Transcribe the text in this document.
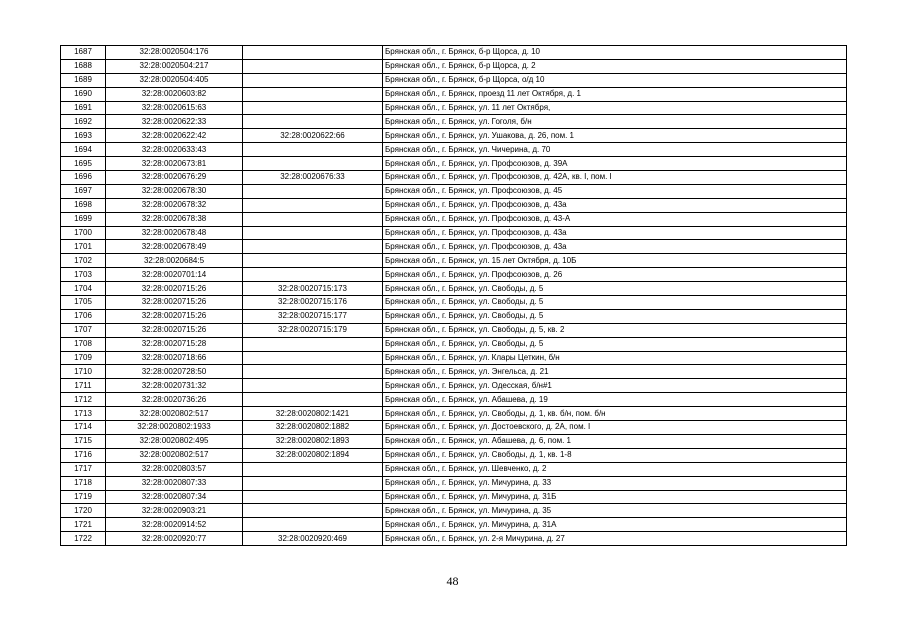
1687	32:28:0020504:176		Брянская обл., г. Брянск, б-р Щорса, д. 10
1688	32:28:0020504:217		Брянская обл., г. Брянск, б-р Щорса, д. 2
1689	32:28:0020504:405		Брянская обл., г. Брянск, б-р Щорса, о/д 10
1690	32:28:0020603:82		Брянская обл., г. Брянск, проезд 11 лет Октября, д. 1
1691	32:28:0020615:63		Брянская обл., г. Брянск, ул. 11 лет Октября,
1692	32:28:0020622:33		Брянская обл., г. Брянск, ул. Гоголя, б/н
1693	32:28:0020622:42	32:28:0020622:66	Брянская обл., г. Брянск, ул. Ушакова, д. 26, пом. 1
1694	32:28:0020633:43		Брянская обл., г. Брянск, ул. Чичерина, д. 70
1695	32:28:0020673:81		Брянская обл., г. Брянск, ул. Профсоюзов, д. 39А
1696	32:28:0020676:29	32:28:0020676:33	Брянская обл., г. Брянск, ул. Профсоюзов, д. 42А, кв. I, пом. I
1697	32:28:0020678:30		Брянская обл., г. Брянск, ул. Профсоюзов, д. 45
1698	32:28:0020678:32		Брянская обл., г. Брянск, ул. Профсоюзов, д. 43а
1699	32:28:0020678:38		Брянская обл., г. Брянск, ул. Профсоюзов, д. 43-А
1700	32:28:0020678:48		Брянская обл., г. Брянск, ул. Профсоюзов, д. 43а
1701	32:28:0020678:49		Брянская обл., г. Брянск, ул. Профсоюзов, д. 43а
1702	32:28:0020684:5		Брянская обл., г. Брянск, ул. 15 лет Октября, д. 10Б
1703	32:28:0020701:14		Брянская обл., г. Брянск, ул. Профсоюзов, д. 26
1704	32:28:0020715:26	32:28:0020715:173	Брянская обл., г. Брянск, ул. Свободы, д. 5
1705	32:28:0020715:26	32:28:0020715:176	Брянская обл., г. Брянск, ул. Свободы, д. 5
1706	32:28:0020715:26	32:28:0020715:177	Брянская обл., г. Брянск, ул. Свободы, д. 5
1707	32:28:0020715:26	32:28:0020715:179	Брянская обл., г. Брянск, ул. Свободы, д. 5, кв. 2
1708	32:28:0020715:28		Брянская обл., г. Брянск, ул. Свободы, д. 5
1709	32:28:0020718:66		Брянская обл., г. Брянск, ул. Клары Цеткин, б/н
1710	32:28:0020728:50		Брянская обл., г. Брянск, ул. Энгельса, д. 21
1711	32:28:0020731:32		Брянская обл., г. Брянск, ул. Одесская, б/н#1
1712	32:28:0020736:26		Брянская обл., г. Брянск, ул. Абашева, д. 19
1713	32:28:0020802:517	32:28:0020802:1421	Брянская обл., г. Брянск, ул. Свободы, д. 1, кв. б/н, пом. б/н
1714	32:28:0020802:1933	32:28:0020802:1882	Брянская обл., г. Брянск, ул. Достоевского, д. 2А, пом. I
1715	32:28:0020802:495	32:28:0020802:1893	Брянская обл., г. Брянск, ул. Абашева, д. 6, пом. 1
1716	32:28:0020802:517	32:28:0020802:1894	Брянская обл., г. Брянск, ул. Свободы, д. 1, кв. 1-8
1717	32:28:0020803:57		Брянская обл., г. Брянск, ул. Шевченко, д. 2
1718	32:28:0020807:33		Брянская обл., г. Брянск, ул. Мичурина, д. 33
1719	32:28:0020807:34		Брянская обл., г. Брянск, ул. Мичурина, д. 31Б
1720	32:28:0020903:21		Брянская обл., г. Брянск, ул. Мичурина, д. 35
1721	32:28:0020914:52		Брянская обл., г. Брянск, ул. Мичурина, д. 31А
1722	32:28:0020920:77	32:28:0020920:469	Брянская обл., г. Брянск, ул. 2-я Мичурина, д. 27
48
